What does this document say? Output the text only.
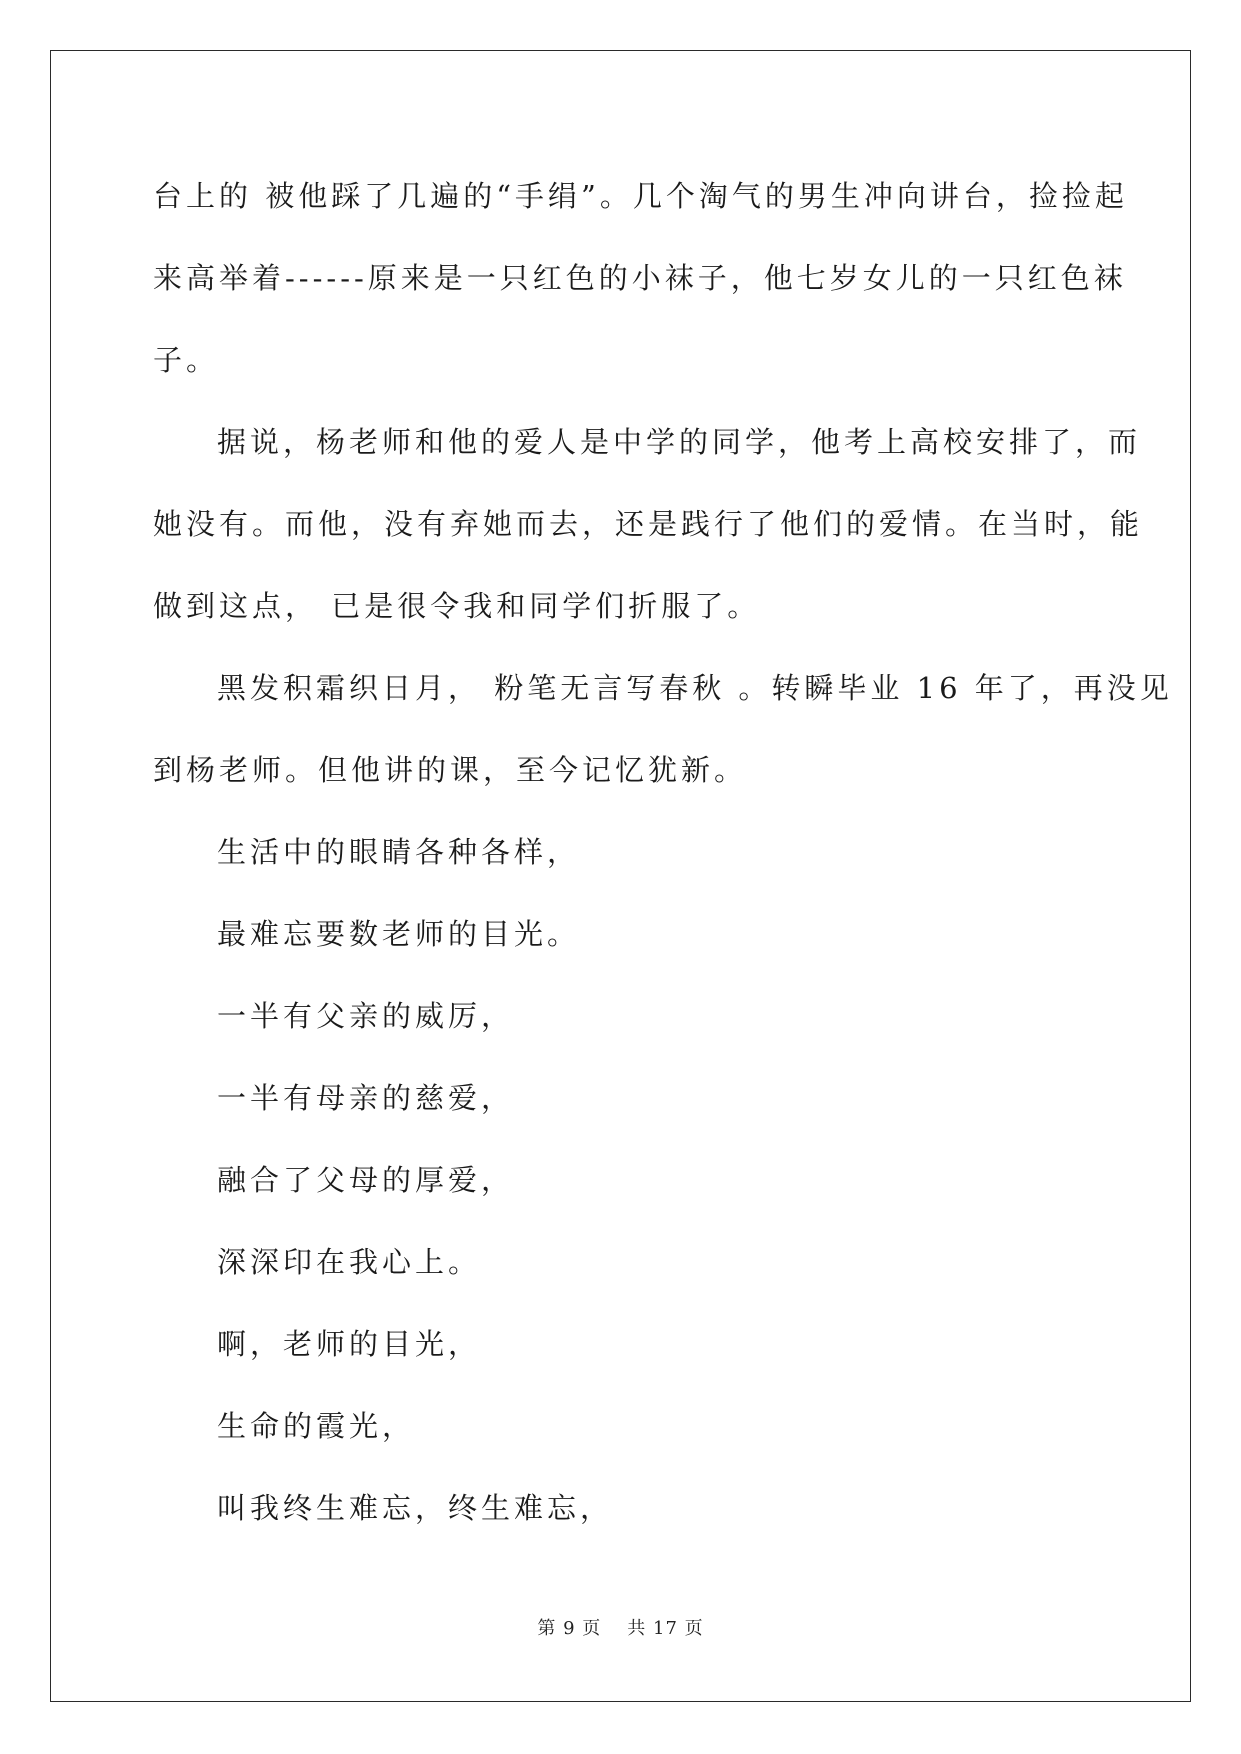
台上的 被他踩了几遍的“手绢”。几个淘气的男生冲向讲台，捡捡起
来高举着------原来是一只红色的小袜子，他七岁女儿的一只红色袜
子。
据说，杨老师和他的爱人是中学的同学，他考上高校安排了，而
她没有。而他，没有弃她而去，还是践行了他们的爱情。在当时，能
做到这点， 已是很令我和同学们折服了。
黑发积霜织日月， 粉笔无言写春秋 。转瞬毕业 16 年了，再没见
到杨老师。但他讲的课，至今记忆犹新。
生活中的眼睛各种各样，
最难忘要数老师的目光。
一半有父亲的威厉，
一半有母亲的慈爱，
融合了父母的厚爱，
深深印在我心上。
啊，老师的目光，
生命的霞光，
叫我终生难忘，终生难忘，
第 9 页 共 17 页
